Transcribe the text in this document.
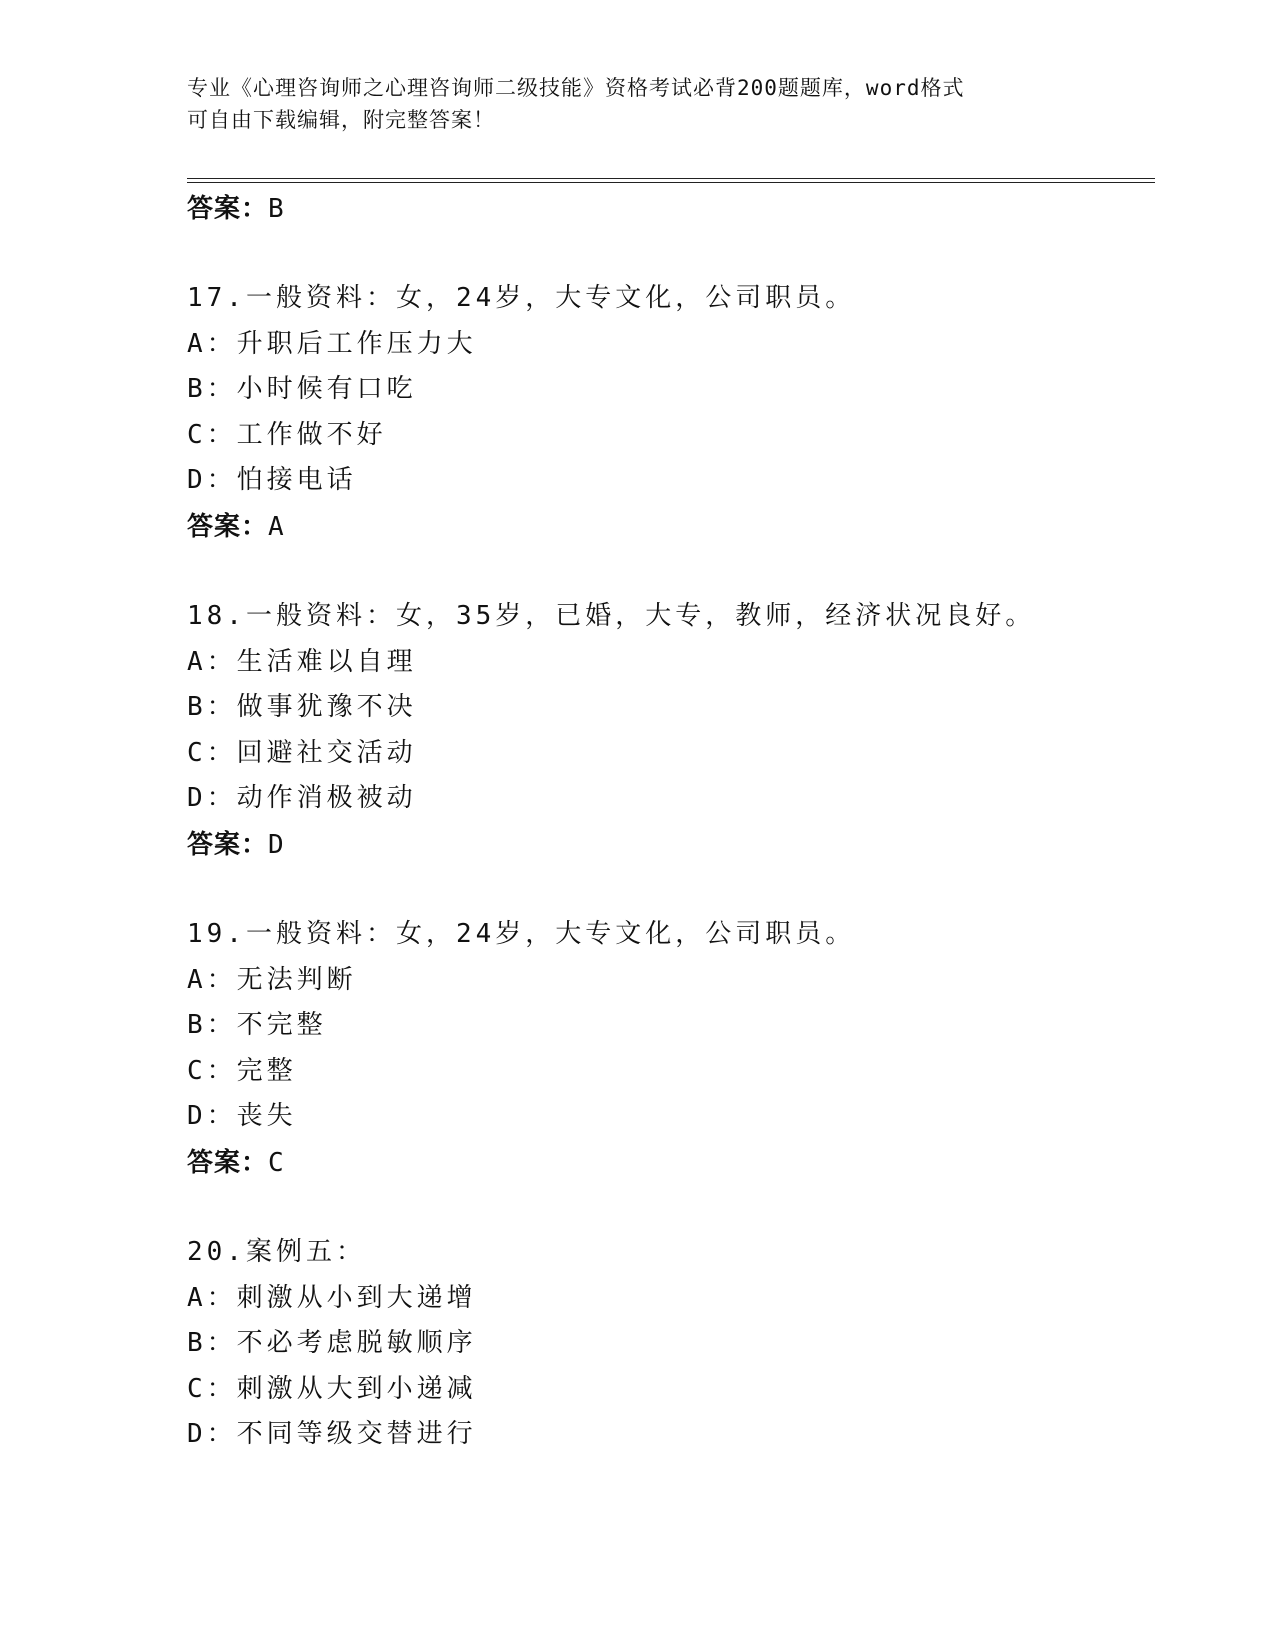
专业《心理咨询师之心理咨询师二级技能》资格考试必背200题题库，word格式
可自由下载编辑，附完整答案！
答案：B
17.一般资料：女，24岁，大专文化，公司职员。
A：升职后工作压力大
B：小时候有口吃
C：工作做不好
D：怕接电话
答案：A
18.一般资料：女，35岁，已婚，大专，教师，经济状况良好。
A：生活难以自理
B：做事犹豫不决
C：回避社交活动
D：动作消极被动
答案：D
19.一般资料：女，24岁，大专文化，公司职员。
A：无法判断
B：不完整
C：完整
D：丧失
答案：C
20.案例五：
A：刺激从小到大递增
B：不必考虑脱敏顺序
C：刺激从大到小递减
D：不同等级交替进行
